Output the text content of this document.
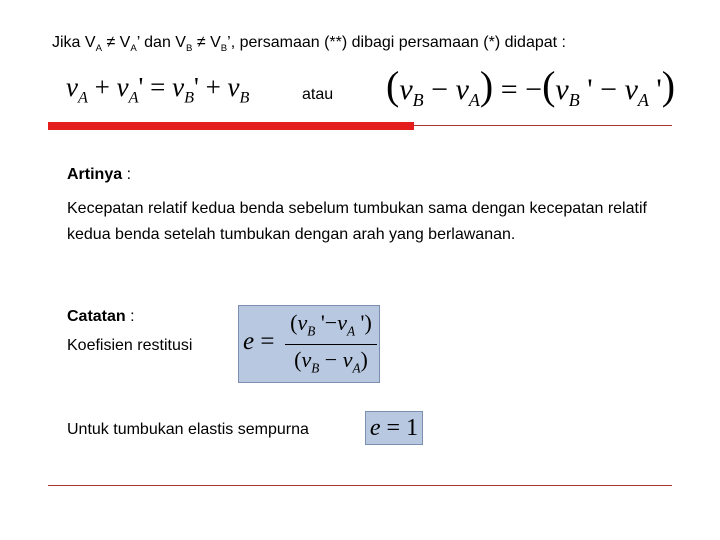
Jika $V_A \ne V_A$’ dan $V_B \ne V_B$’, persamaan (**) dibagi persamaan (*) didapat :
$v_A + v_A' = v_B' + v_B$	atau $(v_B - v_A) = -(v_B$ ' − $v_A$ ')
Artinya :
Kecepatan relatif kedua benda sebelum tumbukan sama dengan kecepatan relatif kedua benda setelah tumbukan dengan arah yang berlawanan.
Catatan :
Koefisien restitusi e =
($v_B$ '$-v_A$ ')
$(v_B - v_A)$
Untuk tumbukan elastis sempurna	e = 1
